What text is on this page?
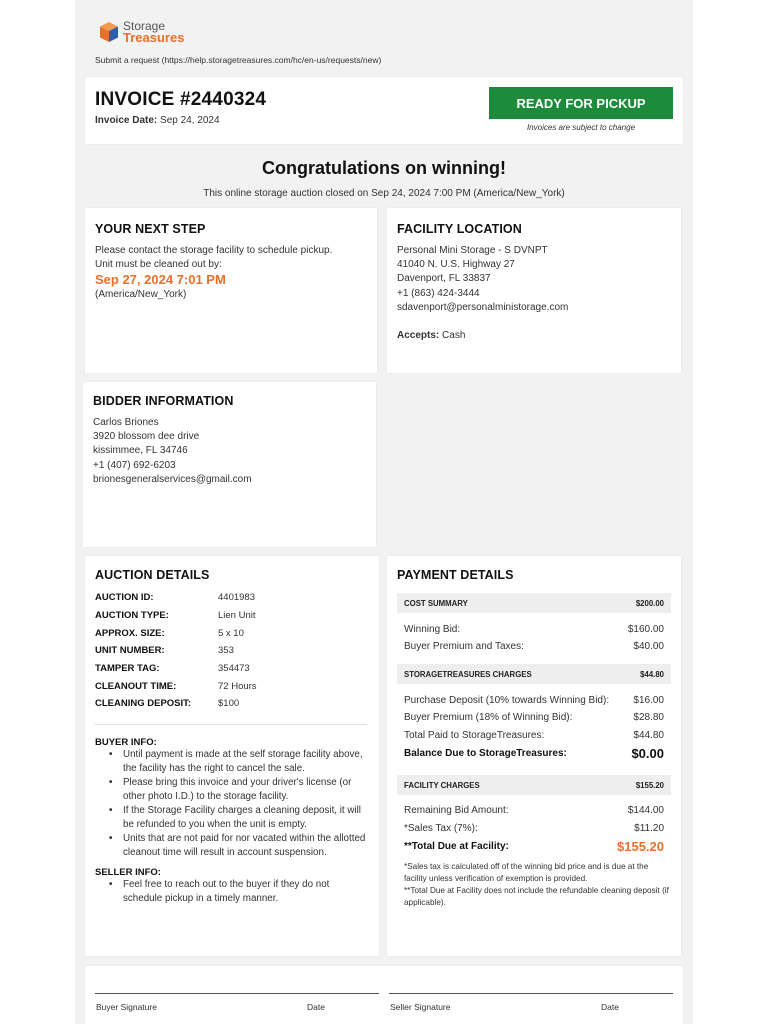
Storage
Treasures
Submit a request (https://help.storagetreasures.com/hc/en-us/requests/new)
INVOICE #2440324
Invoice Date: Sep 24, 2024
READY FOR PICKUP
Invoices are subject to change
Congratulations on winning!
This online storage auction closed on Sep 24, 2024 7:00 PM (America/New_York)
YOUR NEXT STEP
Please contact the storage facility to schedule pickup.
Unit must be cleaned out by:
Sep 27, 2024 7:01 PM
(America/New_York)
FACILITY LOCATION
Personal Mini Storage - S DVNPT
41040 N. U.S. Highway 27
Davenport, FL 33837
+1 (863) 424-3444
sdavenport@personalministorage.com
Accepts: Cash
BIDDER INFORMATION
Carlos Briones
3920 blossom dee drive
kissimmee, FL 34746
+1 (407) 692-6203
brionesgeneralservices@gmail.com
AUCTION DETAILS
AUCTION ID:	4401983
AUCTION TYPE:	Lien Unit
APPROX. SIZE:	5 x 10
UNIT NUMBER:	353
TAMPER TAG:	354473
CLEANOUT TIME:	72 Hours
CLEANING DEPOSIT:	$100
BUYER INFO:
• Until payment is made at the self storage facility above, the facility has the right to cancel the sale.
• Please bring this invoice and your driver's license (or other photo I.D.) to the storage facility.
• If the Storage Facility charges a cleaning deposit, it will be refunded to you when the unit is empty.
• Units that are not paid for nor vacated within the allotted cleanout time will result in account suspension.
SELLER INFO:
• Feel free to reach out to the buyer if they do not schedule pickup in a timely manner.
PAYMENT DETAILS
COST SUMMARY	$200.00
Winning Bid:	$160.00
Buyer Premium and Taxes:	$40.00
STORAGETREASURES CHARGES	$44.80
Purchase Deposit (10% towards Winning Bid): $16.00
Buyer Premium (18% of Winning Bid):	$28.80
Total Paid to StorageTreasures:	$44.80
Balance Due to StorageTreasures:	$0.00
FACILITY CHARGES	$155.20
Remaining Bid Amount:	$144.00
*Sales Tax (7%):	$11.20
**Total Due at Facility:	$155.20
*Sales tax is calculated off of the winning bid price and is due at the facility unless verification of exemption is provided.
**Total Due at Facility does not include the refundable cleaning deposit (if applicable).
Buyer Signature	Date	Seller Signature	Date
